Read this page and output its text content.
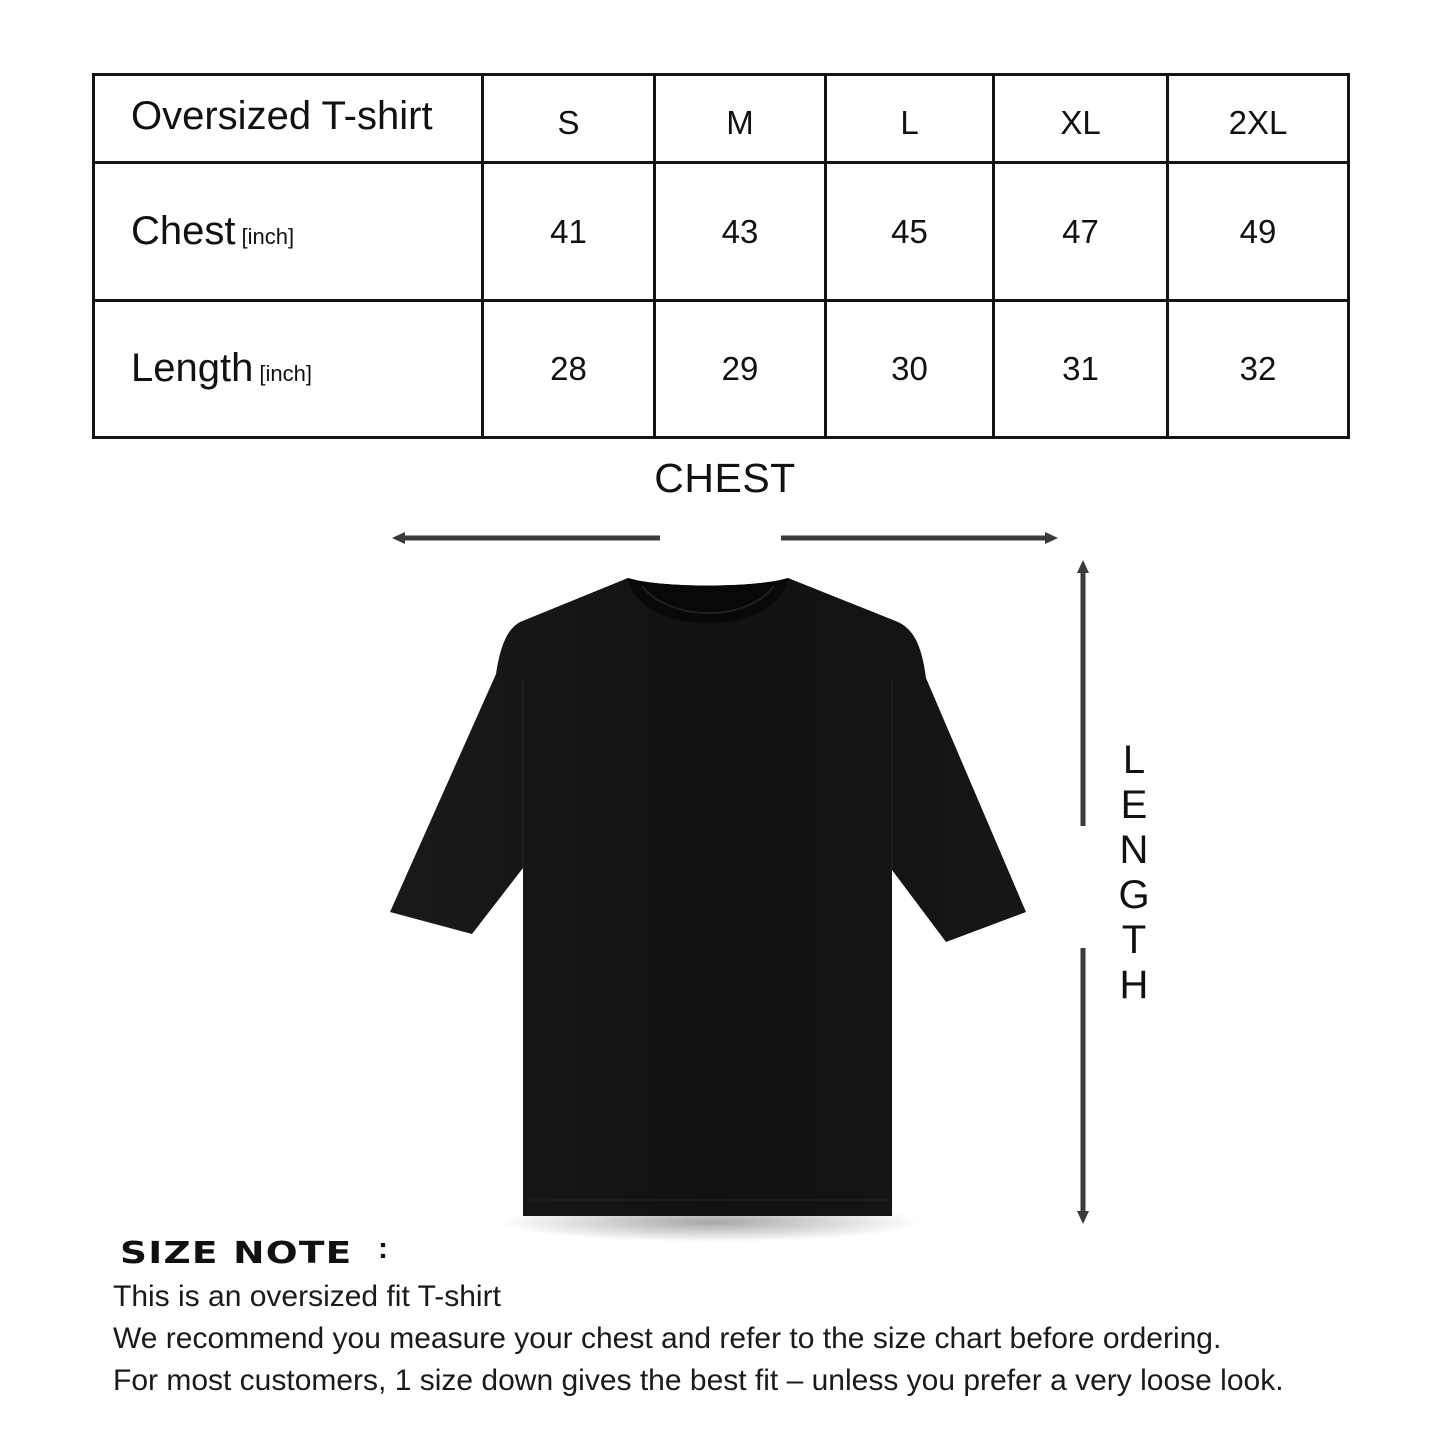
Oversized T-shirt	S	M	L	XL	2XL
Chest [inch]	41	43	45	47	49
Length [inch]	28	29	30	31	32
CHEST
L
E
N
G
T
H
SIZE NOTE :
This is an oversized fit T-shirt
We recommend you measure your chest and refer to the size chart before ordering.
For most customers, 1 size down gives the best fit – unless you prefer a very loose look.
